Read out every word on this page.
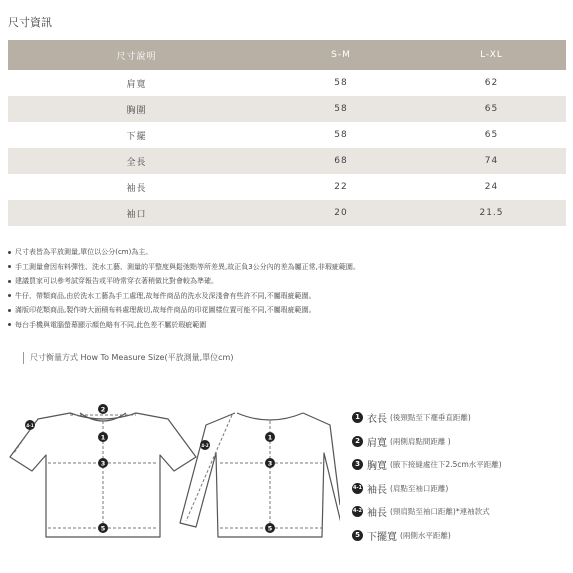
尺寸資訊
尺寸說明	S-M	L-XL
肩寬	58	62
胸圍	58	65
下擺	58	65
全長	68	74
袖長	22	24
袖口	20	21.5
尺寸表皆為平放測量,單位以公分(cm)為主。
手工測量會因布料彈性、洗水工藝、測量的平整度與鬆弛點等所差異,故正負3公分內的差為屬正常,非瑕疵範圍。
建議買家可以參考試穿報告或平時常穿衣著稍做比對會較為準確。
牛仔、帶類商品,由於洗水工藝為手工處理,故每件商品的洗水及深淺會有些許不同,不屬瑕疵範圍。
滿版印花類商品,製作時大面積布料處理裁切,故每件商品的印花圖樣位置可能不同,不屬瑕疵範圍。
每台手機與電腦螢幕顯示顏色略有不同,此色差不屬於瑕疵範圍
尺寸衡量方式 How To Measure Size(平放測量,單位cm)
1
2
3
4-1
5
1
3
4-2
5
1 衣長 (後頸點至下襬垂直距離)
2 肩寬 (兩側肩點間距離 )
3 胸寬 (腋下接縫處往下2.5cm水平距離)
4-1 袖長 (肩點至袖口距離)
4-2 袖長 (頸肩點至袖口距離)*連袖款式
5 下擺寬 (兩側水平距離)
